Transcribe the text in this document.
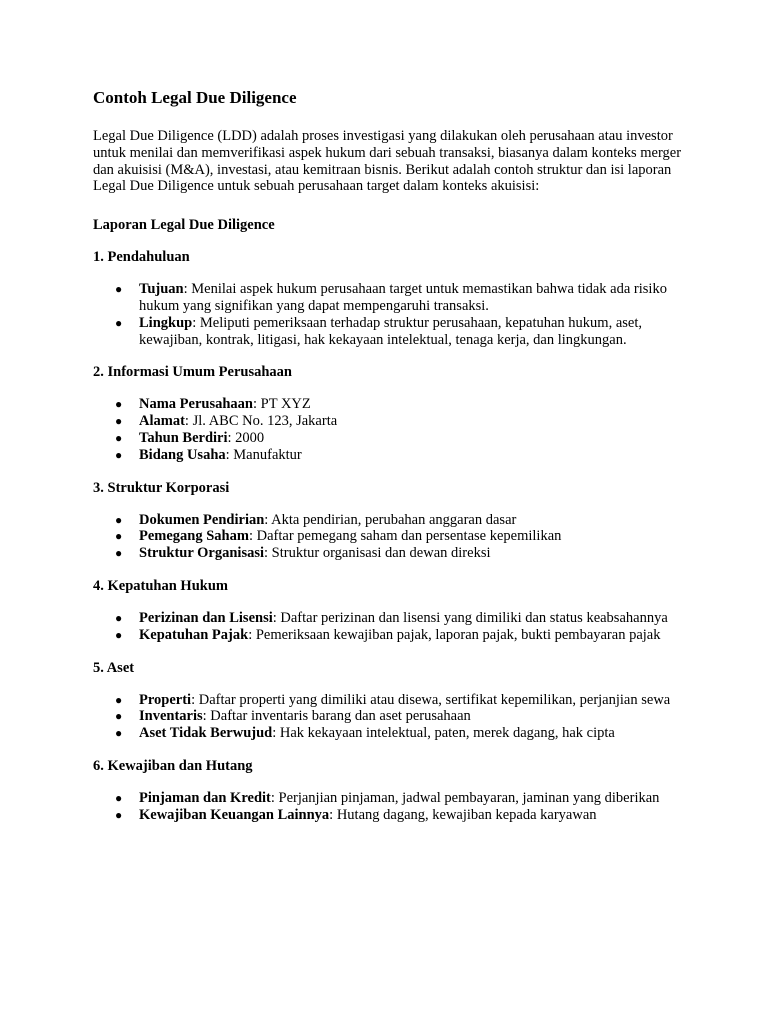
Contoh Legal Due Diligence

Legal Due Diligence (LDD) adalah proses investigasi yang dilakukan oleh perusahaan atau investor untuk menilai dan memverifikasi aspek hukum dari sebuah transaksi, biasanya dalam konteks merger dan akuisisi (M&A), investasi, atau kemitraan bisnis. Berikut adalah contoh struktur dan isi laporan Legal Due Diligence untuk sebuah perusahaan target dalam konteks akuisisi:

Laporan Legal Due Diligence
1. Pendahuluan
● Tujuan: Menilai aspek hukum perusahaan target untuk memastikan bahwa tidak ada risiko hukum yang signifikan yang dapat mempengaruhi transaksi.
● Lingkup: Meliputi pemeriksaan terhadap struktur perusahaan, kepatuhan hukum, aset, kewajiban, kontrak, litigasi, hak kekayaan intelektual, tenaga kerja, dan lingkungan.
2. Informasi Umum Perusahaan
● Nama Perusahaan: PT XYZ
● Alamat: Jl. ABC No. 123, Jakarta
● Tahun Berdiri: 2000
● Bidang Usaha: Manufaktur
3. Struktur Korporasi
● Dokumen Pendirian: Akta pendirian, perubahan anggaran dasar
● Pemegang Saham: Daftar pemegang saham dan persentase kepemilikan
● Struktur Organisasi: Struktur organisasi dan dewan direksi
4. Kepatuhan Hukum
● Perizinan dan Lisensi: Daftar perizinan dan lisensi yang dimiliki dan status keabsahannya
● Kepatuhan Pajak: Pemeriksaan kewajiban pajak, laporan pajak, bukti pembayaran pajak
5. Aset
● Properti: Daftar properti yang dimiliki atau disewa, sertifikat kepemilikan, perjanjian sewa
● Inventaris: Daftar inventaris barang dan aset perusahaan
● Aset Tidak Berwujud: Hak kekayaan intelektual, paten, merek dagang, hak cipta
6. Kewajiban dan Hutang
● Pinjaman dan Kredit: Perjanjian pinjaman, jadwal pembayaran, jaminan yang diberikan
● Kewajiban Keuangan Lainnya: Hutang dagang, kewajiban kepada karyawan
